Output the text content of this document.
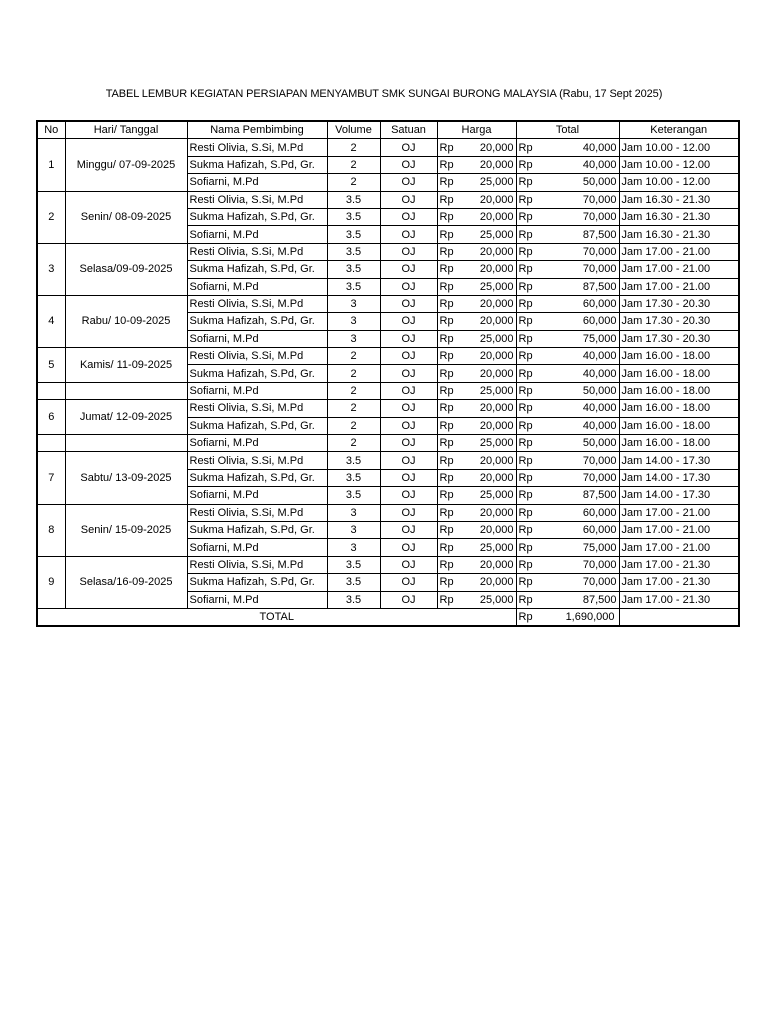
TABEL LEMBUR KEGIATAN PERSIAPAN MENYAMBUT SMK SUNGAI BURONG MALAYSIA (Rabu, 17 Sept 2025)
No	Hari/ Tanggal	Nama Pembimbing	Volume	Satuan	Harga	Total	Keterangan
1	Minggu/ 07-09-2025	Resti Olivia, S.Si, M.Pd	2	OJ	Rp 20,000	Rp 40,000	Jam 10.00 - 12.00
		Sukma Hafizah, S.Pd, Gr.	2	OJ	Rp 20,000	Rp 40,000	Jam 10.00 - 12.00
		Sofiarni, M.Pd	2	OJ	Rp 25,000	Rp 50,000	Jam 10.00 - 12.00
2	Senin/ 08-09-2025	Resti Olivia, S.Si, M.Pd	3.5	OJ	Rp 20,000	Rp 70,000	Jam 16.30 - 21.30
		Sukma Hafizah, S.Pd, Gr.	3.5	OJ	Rp 20,000	Rp 70,000	Jam 16.30 - 21.30
		Sofiarni, M.Pd	3.5	OJ	Rp 25,000	Rp 87,500	Jam 16.30 - 21.30
3	Selasa/09-09-2025	Resti Olivia, S.Si, M.Pd	3.5	OJ	Rp 20,000	Rp 70,000	Jam 17.00 - 21.00
		Sukma Hafizah, S.Pd, Gr.	3.5	OJ	Rp 20,000	Rp 70,000	Jam 17.00 - 21.00
		Sofiarni, M.Pd	3.5	OJ	Rp 25,000	Rp 87,500	Jam 17.00 - 21.00
4	Rabu/ 10-09-2025	Resti Olivia, S.Si, M.Pd	3	OJ	Rp 20,000	Rp 60,000	Jam 17.30 - 20.30
		Sukma Hafizah, S.Pd, Gr.	3	OJ	Rp 20,000	Rp 60,000	Jam 17.30 - 20.30
		Sofiarni, M.Pd	3	OJ	Rp 25,000	Rp 75,000	Jam 17.30 - 20.30
5	Kamis/ 11-09-2025	Resti Olivia, S.Si, M.Pd	2	OJ	Rp 20,000	Rp 40,000	Jam 16.00 - 18.00
		Sukma Hafizah, S.Pd, Gr.	2	OJ	Rp 20,000	Rp 40,000	Jam 16.00 - 18.00
		Sofiarni, M.Pd	2	OJ	Rp 25,000	Rp 50,000	Jam 16.00 - 18.00
6	Jumat/ 12-09-2025	Resti Olivia, S.Si, M.Pd	2	OJ	Rp 20,000	Rp 40,000	Jam 16.00 - 18.00
		Sukma Hafizah, S.Pd, Gr.	2	OJ	Rp 20,000	Rp 40,000	Jam 16.00 - 18.00
		Sofiarni, M.Pd	2	OJ	Rp 25,000	Rp 50,000	Jam 16.00 - 18.00
7	Sabtu/ 13-09-2025	Resti Olivia, S.Si, M.Pd	3.5	OJ	Rp 20,000	Rp 70,000	Jam 14.00 - 17.30
		Sukma Hafizah, S.Pd, Gr.	3.5	OJ	Rp 20,000	Rp 70,000	Jam 14.00 - 17.30
		Sofiarni, M.Pd	3.5	OJ	Rp 25,000	Rp 87,500	Jam 14.00 - 17.30
8	Senin/ 15-09-2025	Resti Olivia, S.Si, M.Pd	3	OJ	Rp 20,000	Rp 60,000	Jam 17.00 - 21.00
		Sukma Hafizah, S.Pd, Gr.	3	OJ	Rp 20,000	Rp 60,000	Jam 17.00 - 21.00
		Sofiarni, M.Pd	3	OJ	Rp 25,000	Rp 75,000	Jam 17.00 - 21.00
9	Selasa/16-09-2025	Resti Olivia, S.Si, M.Pd	3.5	OJ	Rp 20,000	Rp 70,000	Jam 17.00 - 21.30
		Sukma Hafizah, S.Pd, Gr.	3.5	OJ	Rp 20,000	Rp 70,000	Jam 17.00 - 21.30
		Sofiarni, M.Pd	3.5	OJ	Rp 25,000	Rp 87,500	Jam 17.00 - 21.30
TOTAL						Rp 1,690,000	
